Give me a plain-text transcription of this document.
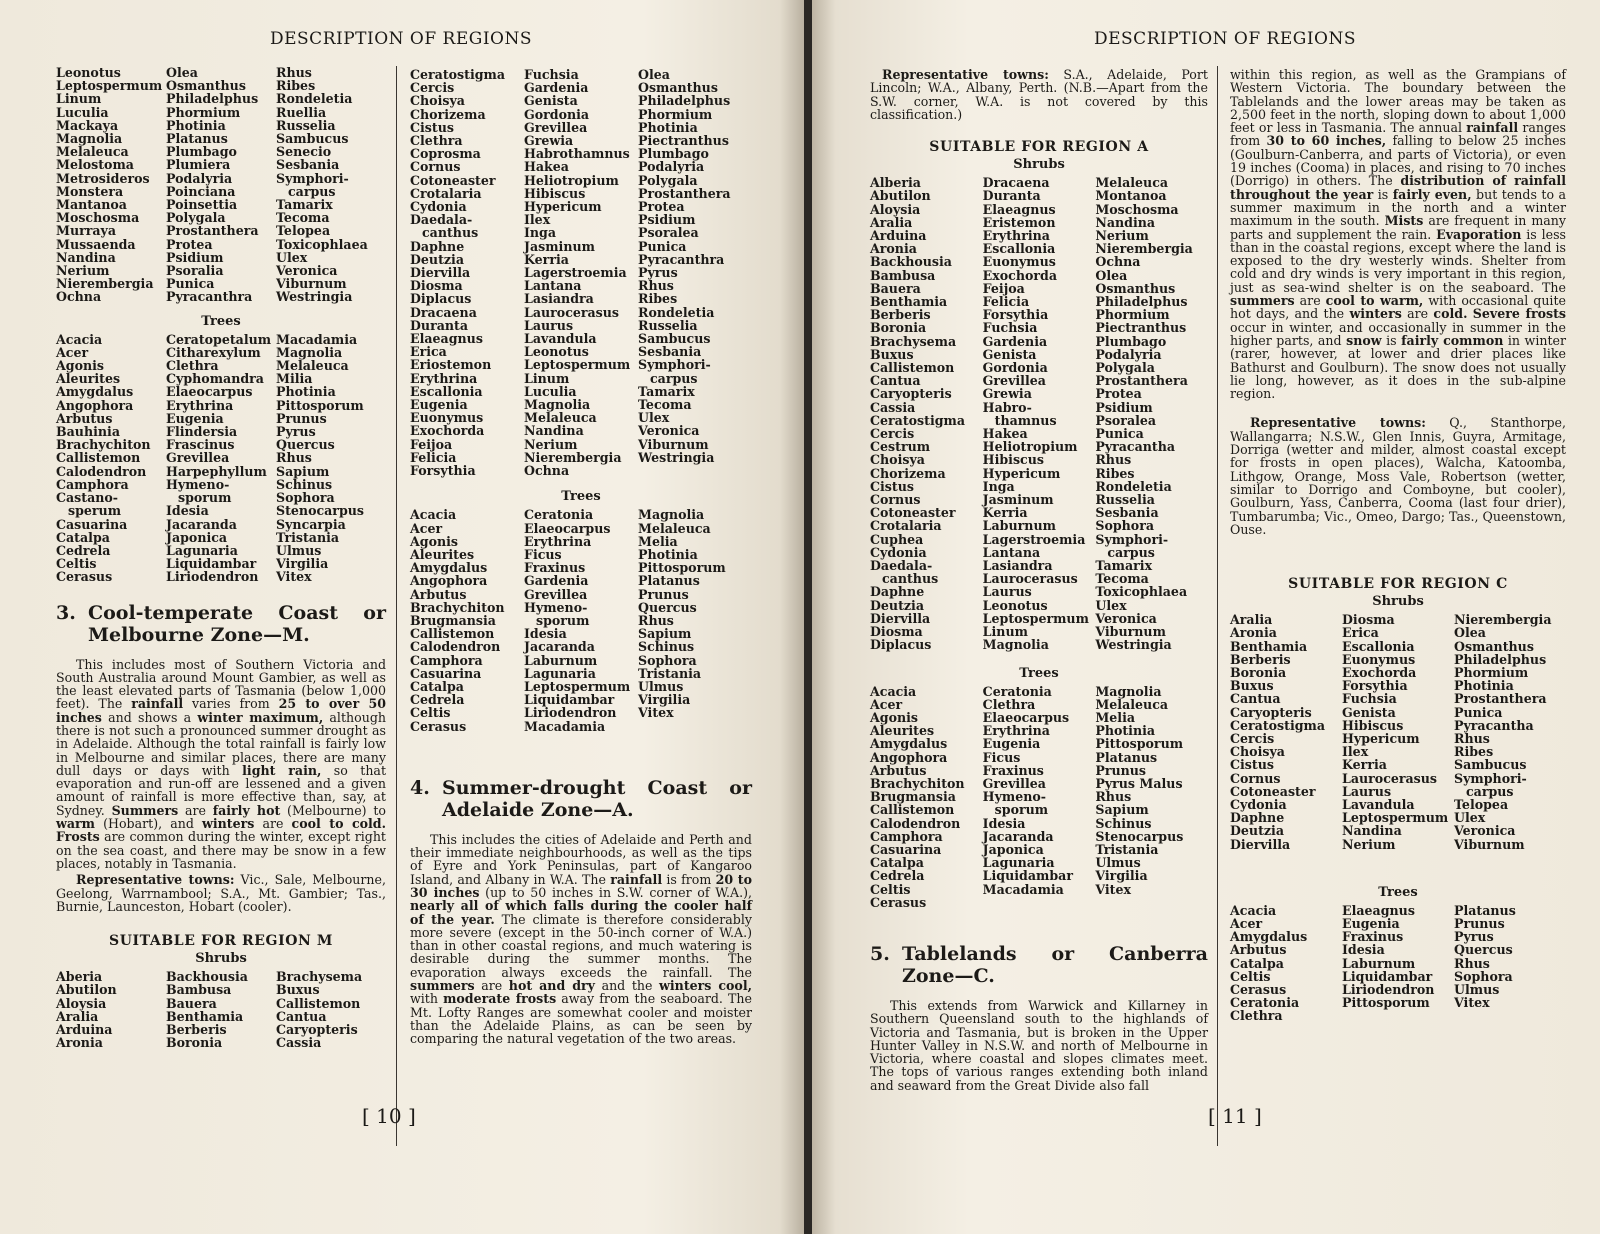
DESCRIPTION OF REGIONS
Leonotus
Leptospermum
Linum
Luculia
Mackaya
Magnolia
Melaleuca
Melostoma
Metrosideros
Monstera
Mantanoa
Moschosma
Murraya
Mussaenda
Nandina
Nerium
Nierembergia
Ochna
Olea
Osmanthus
Philadelphus
Phormium
Photinia
Platanus
Plumbago
Plumiera
Podalyria
Poinciana
Poinsettia
Polygala
Prostanthera
Protea
Psidium
Psoralia
Punica
Pyracanthra
Rhus
Ribes
Rondeletia
Ruellia
Russelia
Sambucus
Senecio
Sesbania
Symphori-
carpus
Tamarix
Tecoma
Telopea
Toxicophlaea
Ulex
Veronica
Viburnum
Westringia
Trees
Acacia
Acer
Agonis
Aleurites
Amygdalus
Angophora
Arbutus
Bauhinia
Brachychiton
Callistemon
Calodendron
Camphora
Castano-
sperum
Casuarina
Catalpa
Cedrela
Celtis
Cerasus
Ceratopetalum
Citharexylum
Clethra
Cyphomandra
Elaeocarpus
Erythrina
Eugenia
Flindersia
Frascinus
Grevillea
Harpephyllum
Hymeno-
sporum
Idesia
Jacaranda
Japonica
Lagunaria
Liquidambar
Liriodendron
Macadamia
Magnolia
Melaleuca
Milia
Photinia
Pittosporum
Prunus
Pyrus
Quercus
Rhus
Sapium
Schinus
Sophora
Stenocarpus
Syncarpia
Tristania
Ulmus
Virgilia
Vitex
3. Cool-temperate Coast or
Melbourne Zone—M.

This includes most of Southern Victoria and South Australia around Mount Gambier, as well as the least elevated parts of Tasmania (below 1,000 feet). The rainfall varies from 25 to over 50 inches and shows a winter maximum, although there is not such a pronounced summer drought as in Adelaide. Although the total rainfall is fairly low in Melbourne and similar places, there are many dull days or days with light rain, so that evaporation and run-off are lessened and a given amount of rainfall is more effective than, say, at Sydney. Summers are fairly hot (Melbourne) to warm (Hobart), and winters are cool to cold. Frosts are common during the winter, except right on the sea coast, and there may be snow in a few places, notably in Tasmania.

Representative towns: Vic., Sale, Melbourne, Geelong, Warrnambool; S.A., Mt. Gambier; Tas., Burnie, Launceston, Hobart (cooler).

SUITABLE FOR REGION M
Shrubs
Aberia
Abutilon
Aloysia
Aralia
Arduina
Aronia
Backhousia
Bambusa
Bauera
Benthamia
Berberis
Boronia
Brachysema
Buxus
Callistemon
Cantua
Caryopteris
Cassia
Ceratostigma
Cercis
Choisya
Chorizema
Cistus
Clethra
Coprosma
Cornus
Cotoneaster
Crotalaria
Cydonia
Daedala-
canthus
Daphne
Deutzia
Diervilla
Diosma
Diplacus
Dracaena
Duranta
Elaeagnus
Erica
Eriostemon
Erythrina
Escallonia
Eugenia
Euonymus
Exochorda
Feijoa
Felicia
Forsythia
Fuchsia
Gardenia
Genista
Gordonia
Grevillea
Grewia
Habrothamnus
Hakea
Heliotropium
Hibiscus
Hypericum
Ilex
Inga
Jasminum
Kerria
Lagerstroemia
Lantana
Lasiandra
Laurocerasus
Laurus
Lavandula
Leonotus
Leptospermum
Linum
Luculia
Magnolia
Melaleuca
Nandina
Nerium
Nierembergia
Ochna
Olea
Osmanthus
Philadelphus
Phormium
Photinia
Piectranthus
Plumbago
Podalyria
Polygala
Prostanthera
Protea
Psidium
Psoralea
Punica
Pyracanthra
Pyrus
Rhus
Ribes
Rondeletia
Russelia
Sambucus
Sesbania
Symphori-
carpus
Tamarix
Tecoma
Ulex
Veronica
Viburnum
Westringia
Trees
Acacia
Acer
Agonis
Aleurites
Amygdalus
Angophora
Arbutus
Brachychiton
Brugmansia
Callistemon
Calodendron
Camphora
Casuarina
Catalpa
Cedrela
Celtis
Cerasus
Ceratonia
Elaeocarpus
Erythrina
Ficus
Fraxinus
Gardenia
Grevillea
Hymeno-
sporum
Idesia
Jacaranda
Laburnum
Lagunaria
Leptospermum
Liquidambar
Liriodendron
Macadamia
Magnolia
Melaleuca
Melia
Photinia
Pittosporum
Platanus
Prunus
Quercus
Rhus
Sapium
Schinus
Sophora
Tristania
Ulmus
Virgilia
Vitex
4. Summer-drought Coast or
Adelaide Zone—A.

This includes the cities of Adelaide and Perth and their immediate neighbourhoods, as well as the tips of Eyre and York Peninsulas, part of Kangaroo Island, and Albany in W.A. The rainfall is from 20 to 30 inches (up to 50 inches in S.W. corner of W.A.), nearly all of which falls during the cooler half of the year. The climate is therefore considerably more severe (except in the 50-inch corner of W.A.) than in other coastal regions, and much watering is desirable during the summer months. The evaporation always exceeds the rainfall. The summers are hot and dry and the winters cool, with moderate frosts away from the seaboard. The Mt. Lofty Ranges are somewhat cooler and moister than the Adelaide Plains, as can be seen by comparing the natural vegetation of the two areas.

[ 10 ]
DESCRIPTION OF REGIONS

Representative towns: S.A., Adelaide, Port Lincoln; W.A., Albany, Perth. (N.B.—Apart from the S.W. corner, W.A. is not covered by this classification.)

SUITABLE FOR REGION A
Shrubs
Alberia
Abutilon
Aloysia
Aralia
Arduina
Aronia
Backhousia
Bambusa
Bauera
Benthamia
Berberis
Boronia
Brachysema
Buxus
Callistemon
Cantua
Caryopteris
Cassia
Ceratostigma
Cercis
Cestrum
Choisya
Chorizema
Cistus
Cornus
Cotoneaster
Crotalaria
Cuphea
Cydonia
Daedala-
canthus
Daphne
Deutzia
Diervilla
Diosma
Diplacus
Dracaena
Duranta
Elaeagnus
Eristemon
Erythrina
Escallonia
Euonymus
Exochorda
Feijoa
Felicia
Forsythia
Fuchsia
Gardenia
Genista
Gordonia
Grevillea
Grewia
Habro-
thamnus
Hakea
Heliotropium
Hibiscus
Hypericum
Inga
Jasminum
Kerria
Laburnum
Lagerstroemia
Lantana
Lasiandra
Laurocerasus
Laurus
Leonotus
Leptospermum
Linum
Magnolia
Melaleuca
Montanoa
Moschosma
Nandina
Nerium
Nierembergia
Ochna
Olea
Osmanthus
Philadelphus
Phormium
Piectranthus
Plumbago
Podalyria
Polygala
Prostanthera
Protea
Psidium
Psoralea
Punica
Pyracantha
Rhus
Ribes
Rondeletia
Russelia
Sesbania
Sophora
Symphori-
carpus
Tamarix
Tecoma
Toxicophlaea
Ulex
Veronica
Viburnum
Westringia
Trees
Acacia
Acer
Agonis
Aleurites
Amygdalus
Angophora
Arbutus
Brachychiton
Brugmansia
Callistemon
Calodendron
Camphora
Casuarina
Catalpa
Cedrela
Celtis
Cerasus
Ceratonia
Clethra
Elaeocarpus
Erythrina
Eugenia
Ficus
Fraxinus
Grevillea
Hymeno-
sporum
Idesia
Jacaranda
Japonica
Lagunaria
Liquidambar
Macadamia
Magnolia
Melaleuca
Melia
Photinia
Pittosporum
Platanus
Prunus
Pyrus Malus
Rhus
Sapium
Schinus
Stenocarpus
Tristania
Ulmus
Virgilia
Vitex
5. Tablelands or Canberra
Zone—C.

This extends from Warwick and Killarney in Southern Queensland south to the highlands of Victoria and Tasmania, but is broken in the Upper Hunter Valley in N.S.W. and north of Melbourne in Victoria, where coastal and slopes climates meet. The tops of various ranges extending both inland and seaward from the Great Divide also fall

within this region, as well as the Grampians of Western Victoria. The boundary between the Tablelands and the lower areas may be taken as 2,500 feet in the north, sloping down to about 1,000 feet or less in Tasmania. The annual rainfall ranges from 30 to 60 inches, falling to below 25 inches (Goulburn-Canberra, and parts of Victoria), or even 19 inches (Cooma) in places, and rising to 70 inches (Dorrigo) in others. The distribution of rainfall throughout the year is fairly even, but tends to a summer maximum in the north and a winter maximum in the south. Mists are frequent in many parts and supplement the rain. Evaporation is less than in the coastal regions, except where the land is exposed to the dry westerly winds. Shelter from cold and dry winds is very important in this region, just as sea-wind shelter is on the seaboard. The summers are cool to warm, with occasional quite hot days, and the winters are cold. Severe frosts occur in winter, and occasionally in summer in the higher parts, and snow is fairly common in winter (rarer, however, at lower and drier places like Bathurst and Goulburn). The snow does not usually lie long, however, as it does in the sub-alpine region.

Representative towns: Q., Stanthorpe, Wallangarra; N.S.W., Glen Innis, Guyra, Armitage, Dorriga (wetter and milder, almost coastal except for frosts in open places), Walcha, Katoomba, Lithgow, Orange, Moss Vale, Robertson (wetter, similar to Dorrigo and Comboyne, but cooler), Goulburn, Yass, Canberra, Cooma (last four drier), Tumbarumba; Vic., Omeo, Dargo; Tas., Queenstown, Ouse.

SUITABLE FOR REGION C
Shrubs
Aralia
Aronia
Benthamia
Berberis
Boronia
Buxus
Cantua
Caryopteris
Ceratostigma
Cercis
Choisya
Cistus
Cornus
Cotoneaster
Cydonia
Daphne
Deutzia
Diervilla
Diosma
Erica
Escallonia
Euonymus
Exochorda
Forsythia
Fuchsia
Genista
Hibiscus
Hypericum
Ilex
Kerria
Laurocerasus
Laurus
Lavandula
Leptospermum
Nandina
Nerium
Nierembergia
Olea
Osmanthus
Philadelphus
Phormium
Photinia
Prostanthera
Punica
Pyracantha
Rhus
Ribes
Sambucus
Symphori-
carpus
Telopea
Ulex
Veronica
Viburnum
Trees
Acacia
Acer
Amygdalus
Arbutus
Catalpa
Celtis
Cerasus
Ceratonia
Clethra
Elaeagnus
Eugenia
Fraxinus
Idesia
Laburnum
Liquidambar
Liriodendron
Pittosporum
Platanus
Prunus
Pyrus
Quercus
Rhus
Sophora
Ulmus
Vitex
[ 11 ]
